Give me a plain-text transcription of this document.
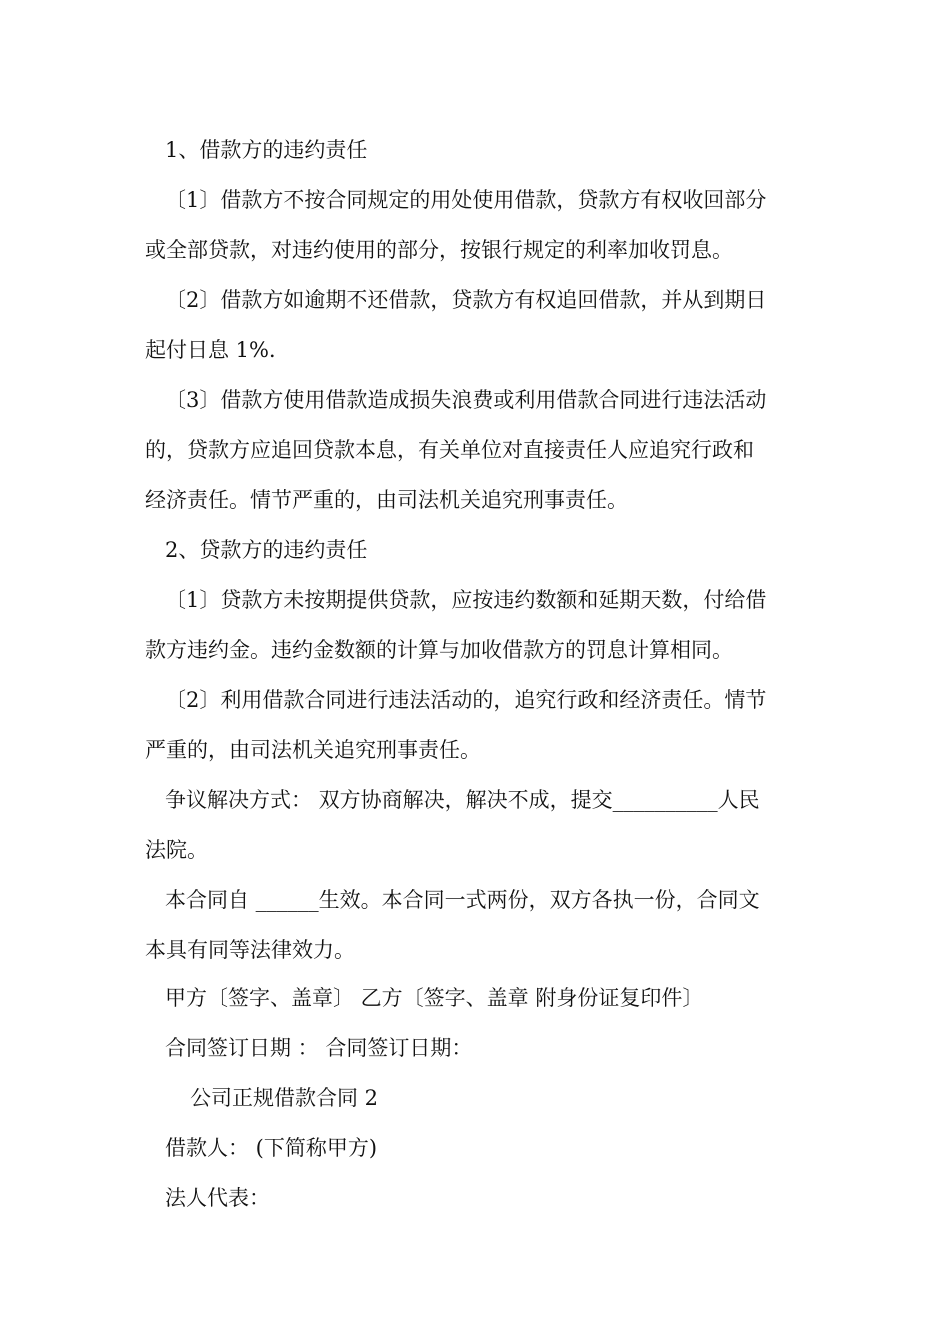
1、借款方的违约责任
〔1〕借款方不按合同规定的用处使用借款，贷款方有权收回部分
或全部贷款，对违约使用的部分，按银行规定的利率加收罚息。
〔2〕借款方如逾期不还借款，贷款方有权追回借款，并从到期日
起付日息 1%．
〔3〕借款方使用借款造成损失浪费或利用借款合同进行违法活动
的，贷款方应追回贷款本息，有关单位对直接责任人应追究行政和
经济责任。情节严重的，由司法机关追究刑事责任。
2、贷款方的违约责任
〔1〕贷款方未按期提供贷款，应按违约数额和延期天数，付给借
款方违约金。违约金数额的计算与加收借款方的罚息计算相同。
〔2〕利用借款合同进行违法活动的，追究行政和经济责任。情节
严重的，由司法机关追究刑事责任。
争议解决方式： 双方协商解决，解决不成，提交__________人民
法院。
本合同自 ______生效。本合同一式两份，双方各执一份，合同文
本具有同等法律效力。
甲方〔签字、盖章〕 乙方〔签字、盖章 附身份证复印件〕
合同签订日期 ： 合同签订日期：
公司正规借款合同 2
借款人： (下简称甲方)
法人代表：
